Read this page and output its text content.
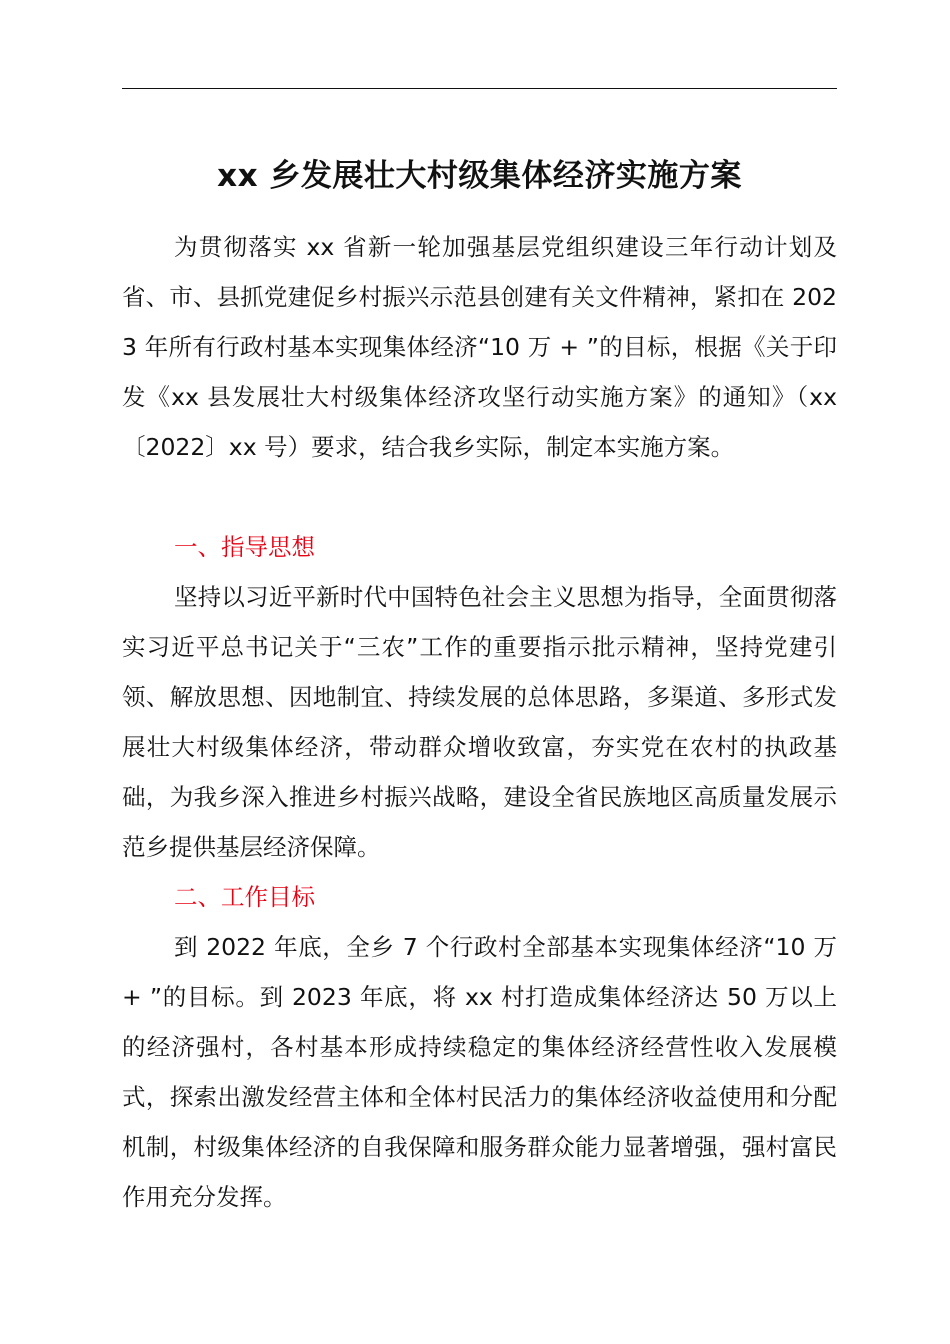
xx 乡发展壮大村级集体经济实施方案

为贯彻落实 xx 省新一轮加强基层党组织建设三年行动计划及省、市、县抓党建促乡村振兴示范县创建有关文件精神，紧扣在 2023 年所有行政村基本实现集体经济“10 万 + ”的目标，根据《关于印发《xx 县发展壮大村级集体经济攻坚行动实施方案》的通知》（xx〔2022〕xx 号）要求，结合我乡实际，制定本实施方案。

一、指导思想

坚持以习近平新时代中国特色社会主义思想为指导，全面贯彻落实习近平总书记关于“三农”工作的重要指示批示精神，坚持党建引领、解放思想、因地制宜、持续发展的总体思路，多渠道、多形式发展壮大村级集体经济，带动群众增收致富，夯实党在农村的执政基础，为我乡深入推进乡村振兴战略，建设全省民族地区高质量发展示范乡提供基层经济保障。

二、工作目标

到 2022 年底，全乡 7 个行政村全部基本实现集体经济“10 万 + ”的目标。到 2023 年底，将 xx 村打造成集体经济达 50 万以上的经济强村，各村基本形成持续稳定的集体经济经营性收入发展模式，探索出激发经营主体和全体村民活力的集体经济收益使用和分配机制，村级集体经济的自我保障和服务群众能力显著增强，强村富民作用充分发挥。
